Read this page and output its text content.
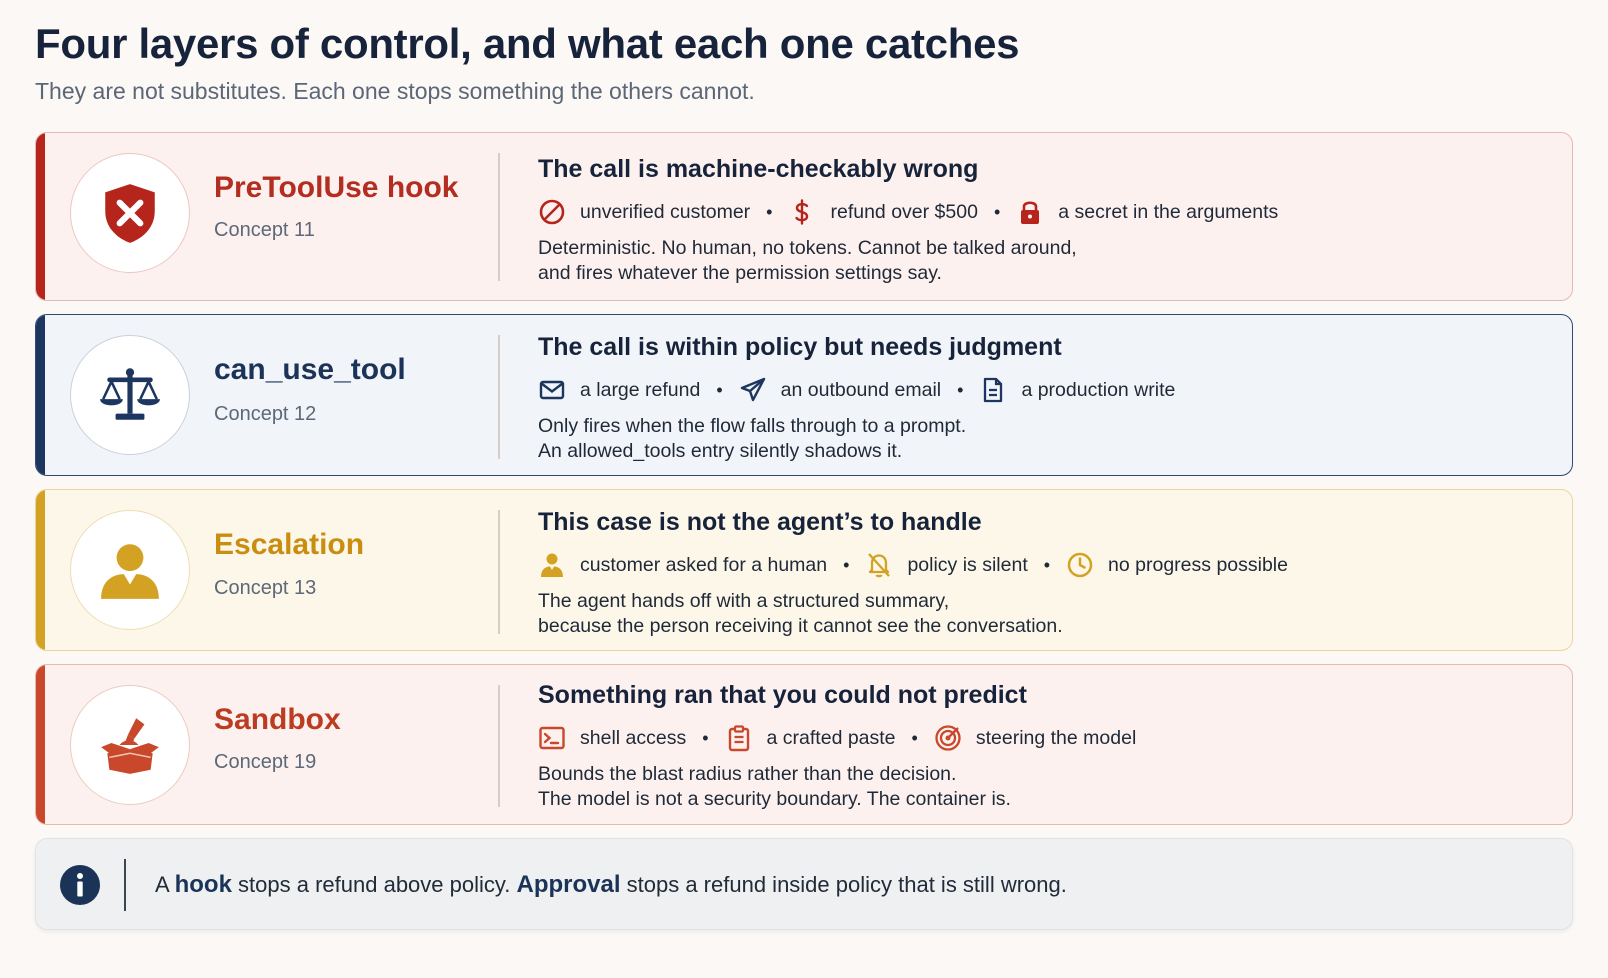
Four layers of control, and what each one catches
They are not substitutes. Each one stops something the others cannot.
PreToolUse hook
Concept 11
The call is machine-checkably wrong
unverified customer •	refund over $500 •	a secret in the arguments
Deterministic. No human, no tokens. Cannot be talked around,
and fires whatever the permission settings say.
can_use_tool
Concept 12
The call is within policy but needs judgment
a large refund •	an outbound email •	a production write
Only fires when the flow falls through to a prompt.
An allowed_tools entry silently shadows it.
Escalation
Concept 13
This case is not the agent’s to handle
customer asked for a human •	policy is silent •	no progress possible
The agent hands off with a structured summary,
because the person receiving it cannot see the conversation.
Sandbox
Concept 19
Something ran that you could not predict
shell access •	a crafted paste •	steering the model
Bounds the blast radius rather than the decision.
The model is not a security boundary. The container is.
A hook stops a refund above policy. Approval stops a refund inside policy that is still wrong.
